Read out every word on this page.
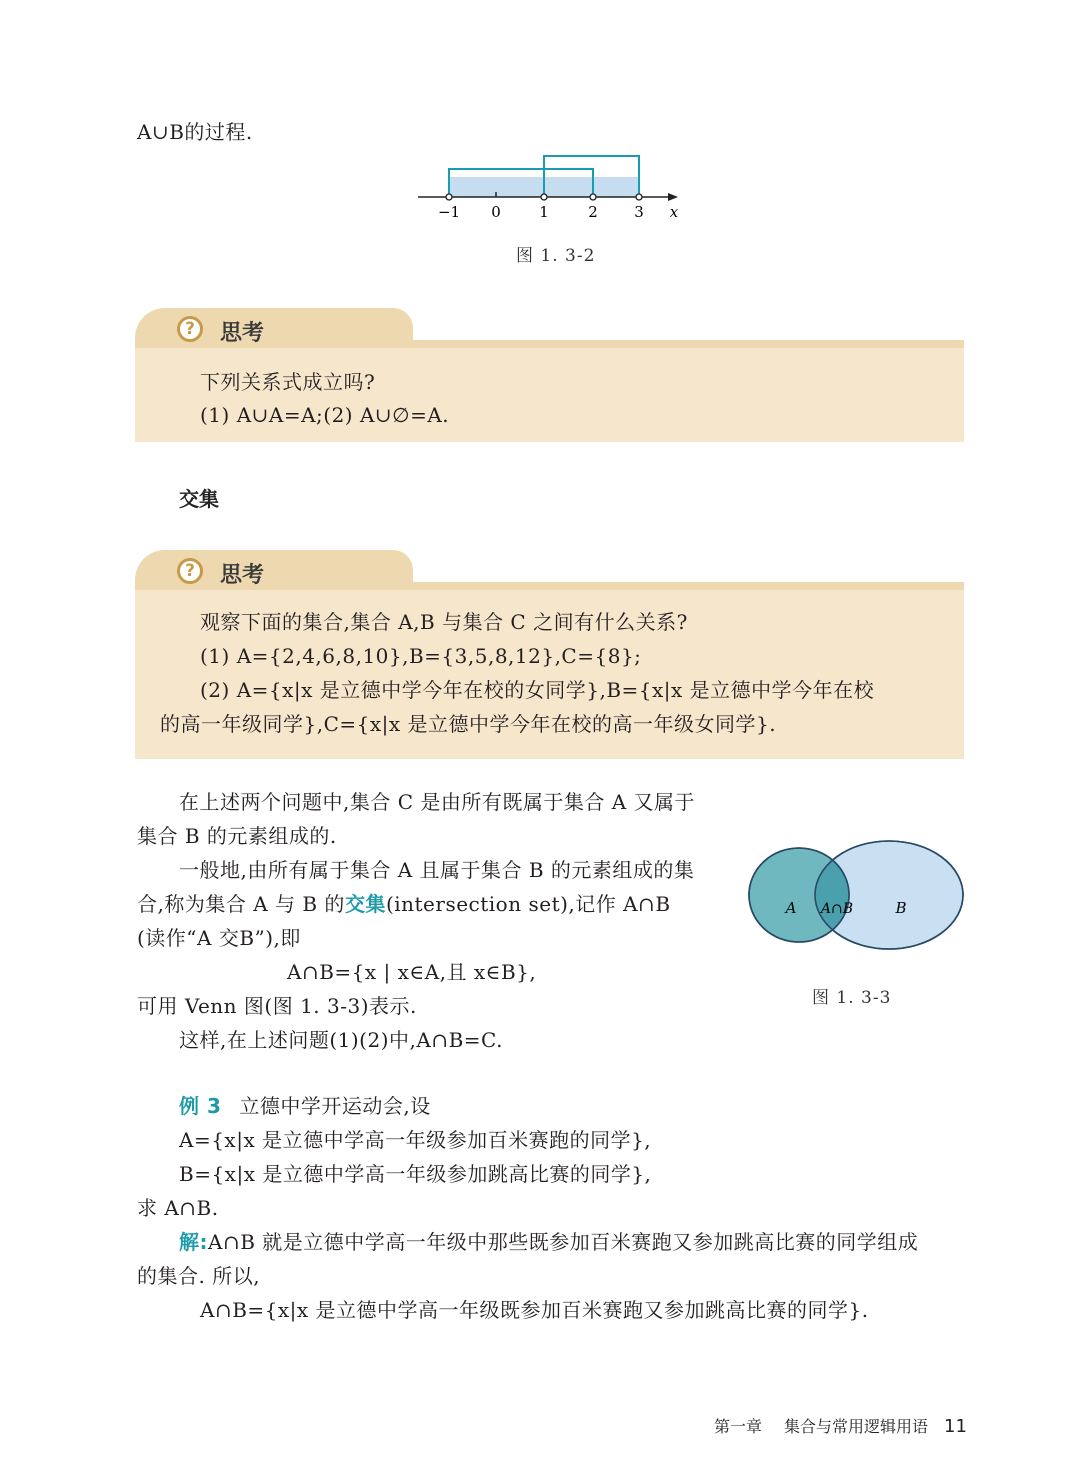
A∪B的过程.
−1 0	1	2 3 x
图 1. 3-2
?	思考
下列关系式成立吗?
(1) A∪A=A;(2) A∪∅=A.
交集
?	思考
观察下面的集合,集合 A,B 与集合 C 之间有什么关系?
(1) A={2,4,6,8,10},B={3,5,8,12},C={8};
(2) A={x|x 是立德中学今年在校的女同学},B={x|x 是立德中学今年在校
的高一年级同学},C={x|x 是立德中学今年在校的高一年级女同学}.
在上述两个问题中,集合 C 是由所有既属于集合 A 又属于
集合 B 的元素组成的.
一般地,由所有属于集合 A 且属于集合 B 的元素组成的集
合,称为集合 A 与 B 的交集(intersection set),记作 A∩B
(读作“A 交B”),即
A∩B={x | x∈A,且 x∈B},
可用 Venn 图(图 1. 3-3)表示.
这样,在上述问题(1)(2)中,A∩B=C.
A A∩B	B
图 1. 3-3
例 3 立德中学开运动会,设
A={x|x 是立德中学高一年级参加百米赛跑的同学},
B={x|x 是立德中学高一年级参加跳高比赛的同学},
求 A∩B.
解:A∩B 就是立德中学高一年级中那些既参加百米赛跑又参加跳高比赛的同学组成
的集合. 所以,
A∩B={x|x 是立德中学高一年级既参加百米赛跑又参加跳高比赛的同学}.
第一章 集合与常用逻辑用语 11
